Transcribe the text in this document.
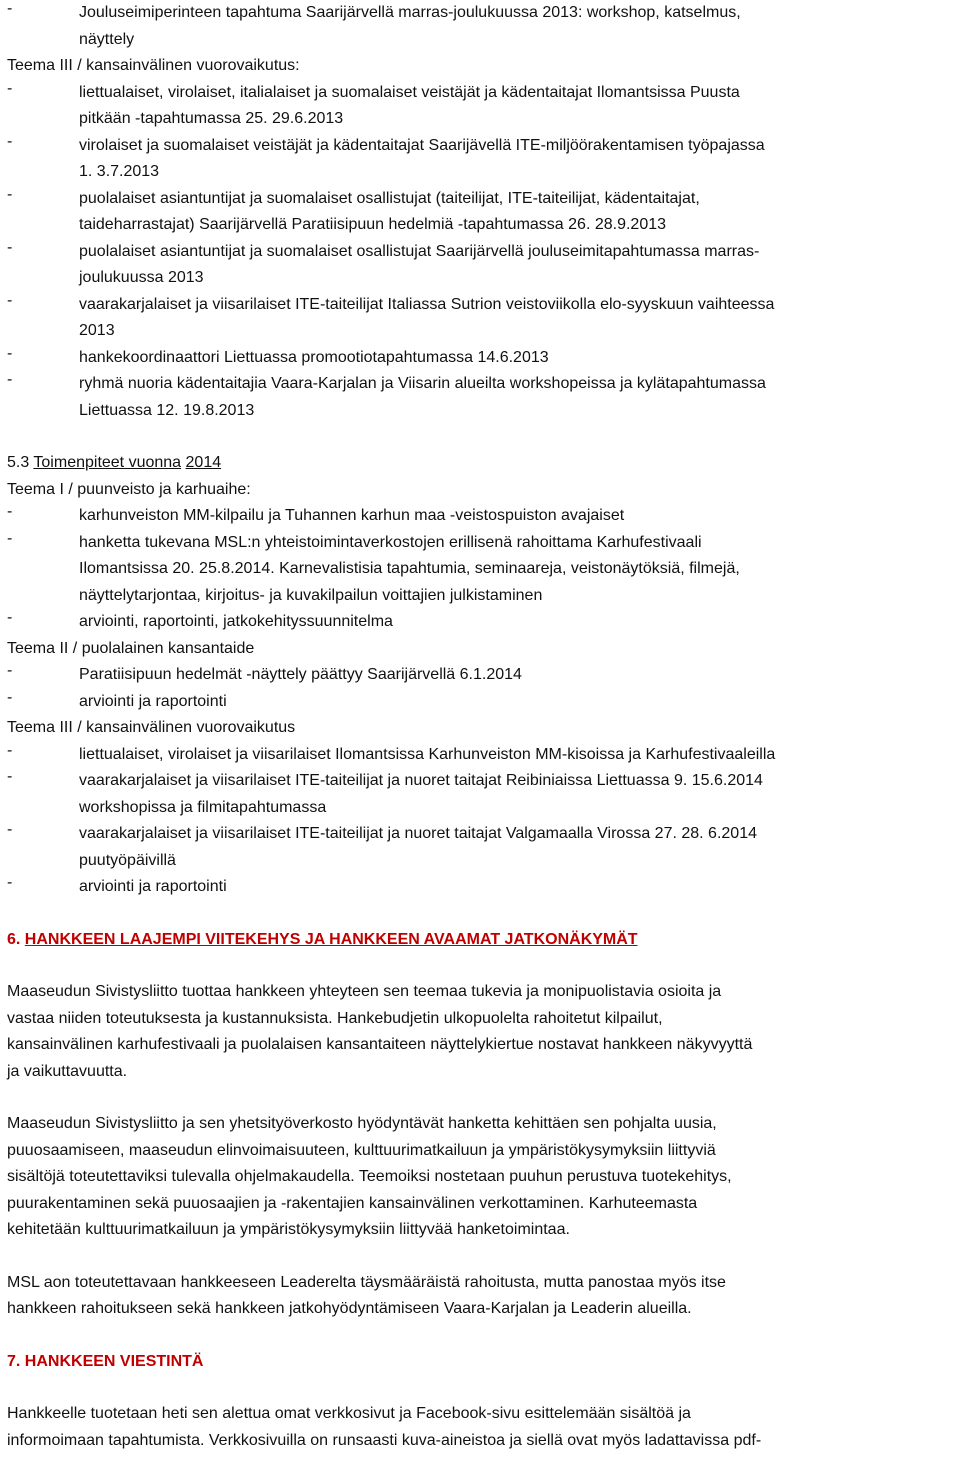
-	Jouluseimiperinteen tapahtuma Saarijärvellä marras-joulukuussa 2013: workshop, katselmus,
näyttely
Teema III / kansainvälinen vuorovaikutus:
-	liettualaiset, virolaiset, italialaiset ja suomalaiset veistäjät ja kädentaitajat Ilomantsissa Puusta
pitkään -tapahtumassa 25. 29.6.2013
-	virolaiset ja suomalaiset veistäjät ja kädentaitajat Saarijävellä ITE-miljöörakentamisen työpajassa
1. 3.7.2013
-	puolalaiset asiantuntijat ja suomalaiset osallistujat (taiteilijat, ITE-taiteilijat, kädentaitajat,
taideharrastajat) Saarijärvellä Paratiisipuun hedelmiä -tapahtumassa 26. 28.9.2013
-	puolalaiset asiantuntijat ja suomalaiset osallistujat Saarijärvellä jouluseimitapahtumassa marras-
joulukuussa 2013
-	vaarakarjalaiset ja viisarilaiset ITE-taiteilijat Italiassa Sutrion veistoviikolla elo-syyskuun vaihteessa
2013
-	hankekoordinaattori Liettuassa promootiotapahtumassa 14.6.2013
-	ryhmä nuoria kädentaitajia Vaara-Karjalan ja Viisarin alueilta workshopeissa ja kylätapahtumassa
Liettuassa 12. 19.8.2013
5.3 Toimenpiteet vuonna 2014
Teema I / puunveisto ja karhuaihe:
-	karhunveiston MM-kilpailu ja Tuhannen karhun maa -veistospuiston avajaiset
-	hanketta tukevana MSL:n yhteistoimintaverkostojen erillisenä rahoittama Karhufestivaali
Ilomantsissa 20. 25.8.2014. Karnevalistisia tapahtumia, seminaareja, veistonäytöksiä, filmejä,
näyttelytarjontaa, kirjoitus- ja kuvakilpailun voittajien julkistaminen
-	arviointi, raportointi, jatkokehityssuunnitelma
Teema II / puolalainen kansantaide
-	Paratiisipuun hedelmät -näyttely päättyy Saarijärvellä 6.1.2014
-	arviointi ja raportointi
Teema III / kansainvälinen vuorovaikutus
-	liettualaiset, virolaiset ja viisarilaiset Ilomantsissa Karhunveiston MM-kisoissa ja Karhufestivaaleilla
-	vaarakarjalaiset ja viisarilaiset ITE-taiteilijat ja nuoret taitajat Reibiniaissa Liettuassa 9. 15.6.2014
workshopissa ja filmitapahtumassa
-	vaarakarjalaiset ja viisarilaiset ITE-taiteilijat ja nuoret taitajat Valgamaalla Virossa 27. 28. 6.2014
puutyöpäivillä
-	arviointi ja raportointi
6. HANKKEEN LAAJEMPI VIITEKEHYS JA HANKKEEN AVAAMAT JATKONÄKYMÄT
Maaseudun Sivistysliitto tuottaa hankkeen yhteyteen sen teemaa tukevia ja monipuolistavia osioita ja
vastaa niiden toteutuksesta ja kustannuksista. Hankebudjetin ulkopuolelta rahoitetut kilpailut,
kansainvälinen karhufestivaali ja puolalaisen kansantaiteen näyttelykiertue nostavat hankkeen näkyvyyttä
ja vaikuttavuutta.
Maaseudun Sivistysliitto ja sen yhetsityöverkosto hyödyntävät hanketta kehittäen sen pohjalta uusia,
puuosaamiseen, maaseudun elinvoimaisuuteen, kulttuurimatkailuun ja ympäristökysymyksiin liittyviä
sisältöjä toteutettaviksi tulevalla ohjelmakaudella. Teemoiksi nostetaan puuhun perustuva tuotekehitys,
puurakentaminen sekä puuosaajien ja -rakentajien kansainvälinen verkottaminen. Karhuteemasta
kehitetään kulttuurimatkailuun ja ympäristökysymyksiin liittyvää hanketoimintaa.
MSL aon toteutettavaan hankkeeseen Leaderelta täysmääräistä rahoitusta, mutta panostaa myös itse
hankkeen rahoitukseen sekä hankkeen jatkohyödyntämiseen Vaara-Karjalan ja Leaderin alueilla.
7. HANKKEEN VIESTINTÄ
Hankkeelle tuotetaan heti sen alettua omat verkkosivut ja Facebook-sivu esittelemään sisältöä ja
informoimaan tapahtumista. Verkkosivuilla on runsaasti kuva-aineistoa ja siellä ovat myös ladattavissa pdf-
